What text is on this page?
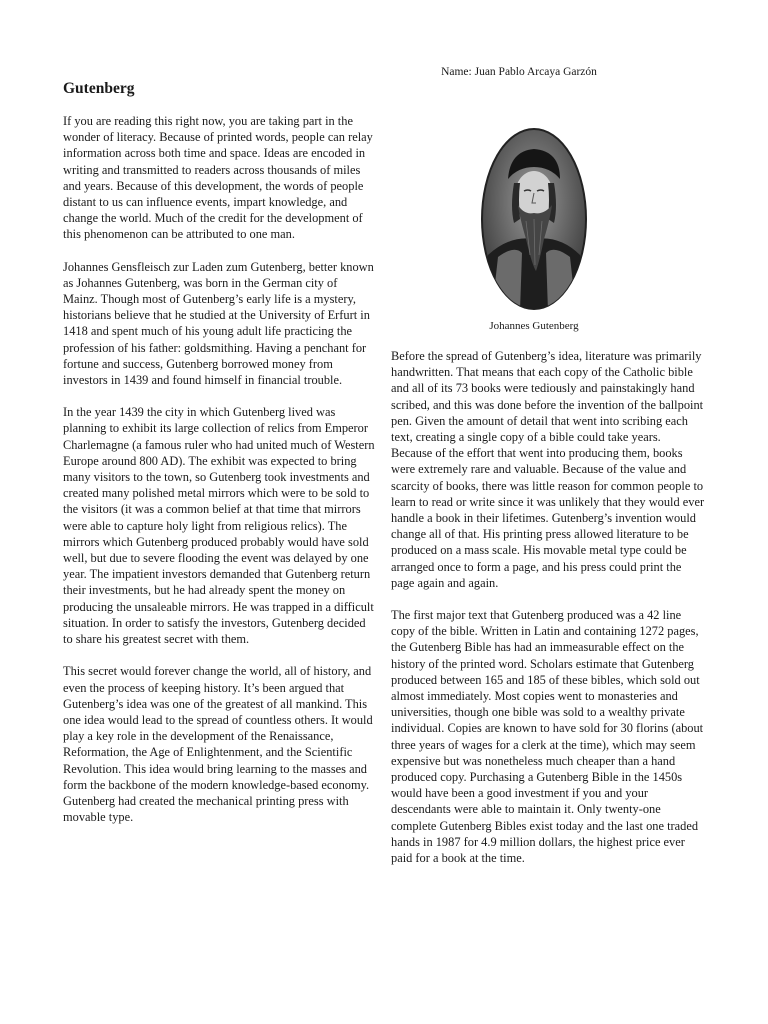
Name: Juan Pablo Arcaya Garzón
Gutenberg

If you are reading this right now, you are taking part in the wonder of literacy. Because of printed words, people can relay information across both time and space. Ideas are encoded in writing and transmitted to readers across thousands of miles and years. Because of this development, the words of people distant to us can influence events, impart knowledge, and change the world. Much of the credit for the development of this phenomenon can be attributed to one man.

Johannes Gensfleisch zur Laden zum Gutenberg, better known as Johannes Gutenberg, was born in the German city of Mainz. Though most of Gutenberg’s early life is a mystery, historians believe that he studied at the University of Erfurt in 1418 and spent much of his young adult life practicing the profession of his father: goldsmithing. Having a penchant for fortune and success, Gutenberg borrowed money from investors in 1439 and found himself in financial trouble.

In the year 1439 the city in which Gutenberg lived was planning to exhibit its large collection of relics from Emperor Charlemagne (a famous ruler who had united much of Western Europe around 800 AD). The exhibit was expected to bring many visitors to the town, so Gutenberg took investments and created many polished metal mirrors which were to be sold to the visitors (it was a common belief at that time that mirrors were able to capture holy light from religious relics). The mirrors which Gutenberg produced probably would have sold well, but due to severe flooding the event was delayed by one year. The impatient investors demanded that Gutenberg return their investments, but he had already spent the money on producing the unsaleable mirrors. He was trapped in a difficult situation. In order to satisfy the investors, Gutenberg decided to share his greatest secret with them.

This secret would forever change the world, all of history, and even the process of keeping history. It’s been argued that Gutenberg’s idea was one of the greatest of all mankind. This one idea would lead to the spread of countless others. It would play a key role in the development of the Renaissance, Reformation, the Age of Enlightenment, and the Scientific Revolution. This idea would bring learning to the masses and form the backbone of the modern knowledge-based economy. Gutenberg had created the mechanical printing press with movable type.

Johannes Gutenberg

Before the spread of Gutenberg’s idea, literature was primarily handwritten. That means that each copy of the Catholic bible and all of its 73 books were tediously and painstakingly hand scribed, and this was done before the invention of the ballpoint pen. Given the amount of detail that went into scribing each text, creating a single copy of a bible could take years. Because of the effort that went into producing them, books were extremely rare and valuable. Because of the value and scarcity of books, there was little reason for common people to learn to read or write since it was unlikely that they would ever handle a book in their lifetimes. Gutenberg’s invention would change all of that. His printing press allowed literature to be produced on a mass scale. His movable metal type could be arranged once to form a page, and his press could print the page again and again.

The first major text that Gutenberg produced was a 42 line copy of the bible. Written in Latin and containing 1272 pages, the Gutenberg Bible has had an immeasurable effect on the history of the printed word. Scholars estimate that Gutenberg produced between 165 and 185 of these bibles, which sold out almost immediately. Most copies went to monasteries and universities, though one bible was sold to a wealthy private individual. Copies are known to have sold for 30 florins (about three years of wages for a clerk at the time), which may seem expensive but was nonetheless much cheaper than a hand produced copy. Purchasing a Gutenberg Bible in the 1450s would have been a good investment if you and your descendants were able to maintain it. Only twenty-one complete Gutenberg Bibles exist today and the last one traded hands in 1987 for 4.9 million dollars, the highest price ever paid for a book at the time.
